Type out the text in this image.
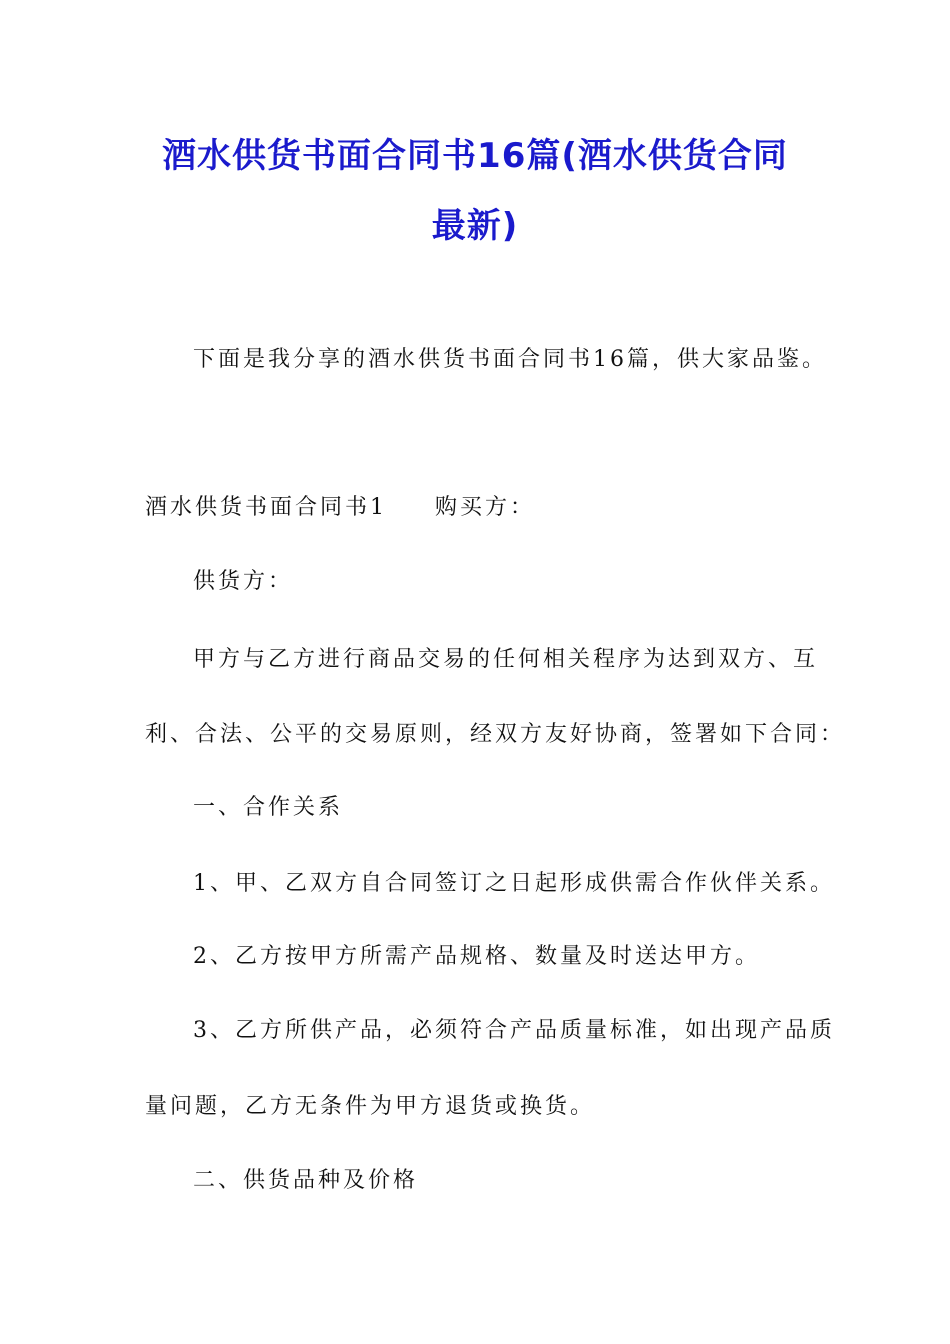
酒水供货书面合同书16篇(酒水供货合同
最新)
下面是我分享的酒水供货书面合同书16篇，供大家品鉴。
酒水供货书面合同书1 购买方：
供货方：
甲方与乙方进行商品交易的任何相关程序为达到双方、互
利、合法、公平的交易原则，经双方友好协商，签署如下合同：
一、合作关系
1、甲、乙双方自合同签订之日起形成供需合作伙伴关系。
2、乙方按甲方所需产品规格、数量及时送达甲方。
3、乙方所供产品，必须符合产品质量标准，如出现产品质
量问题，乙方无条件为甲方退货或换货。
二、供货品种及价格
